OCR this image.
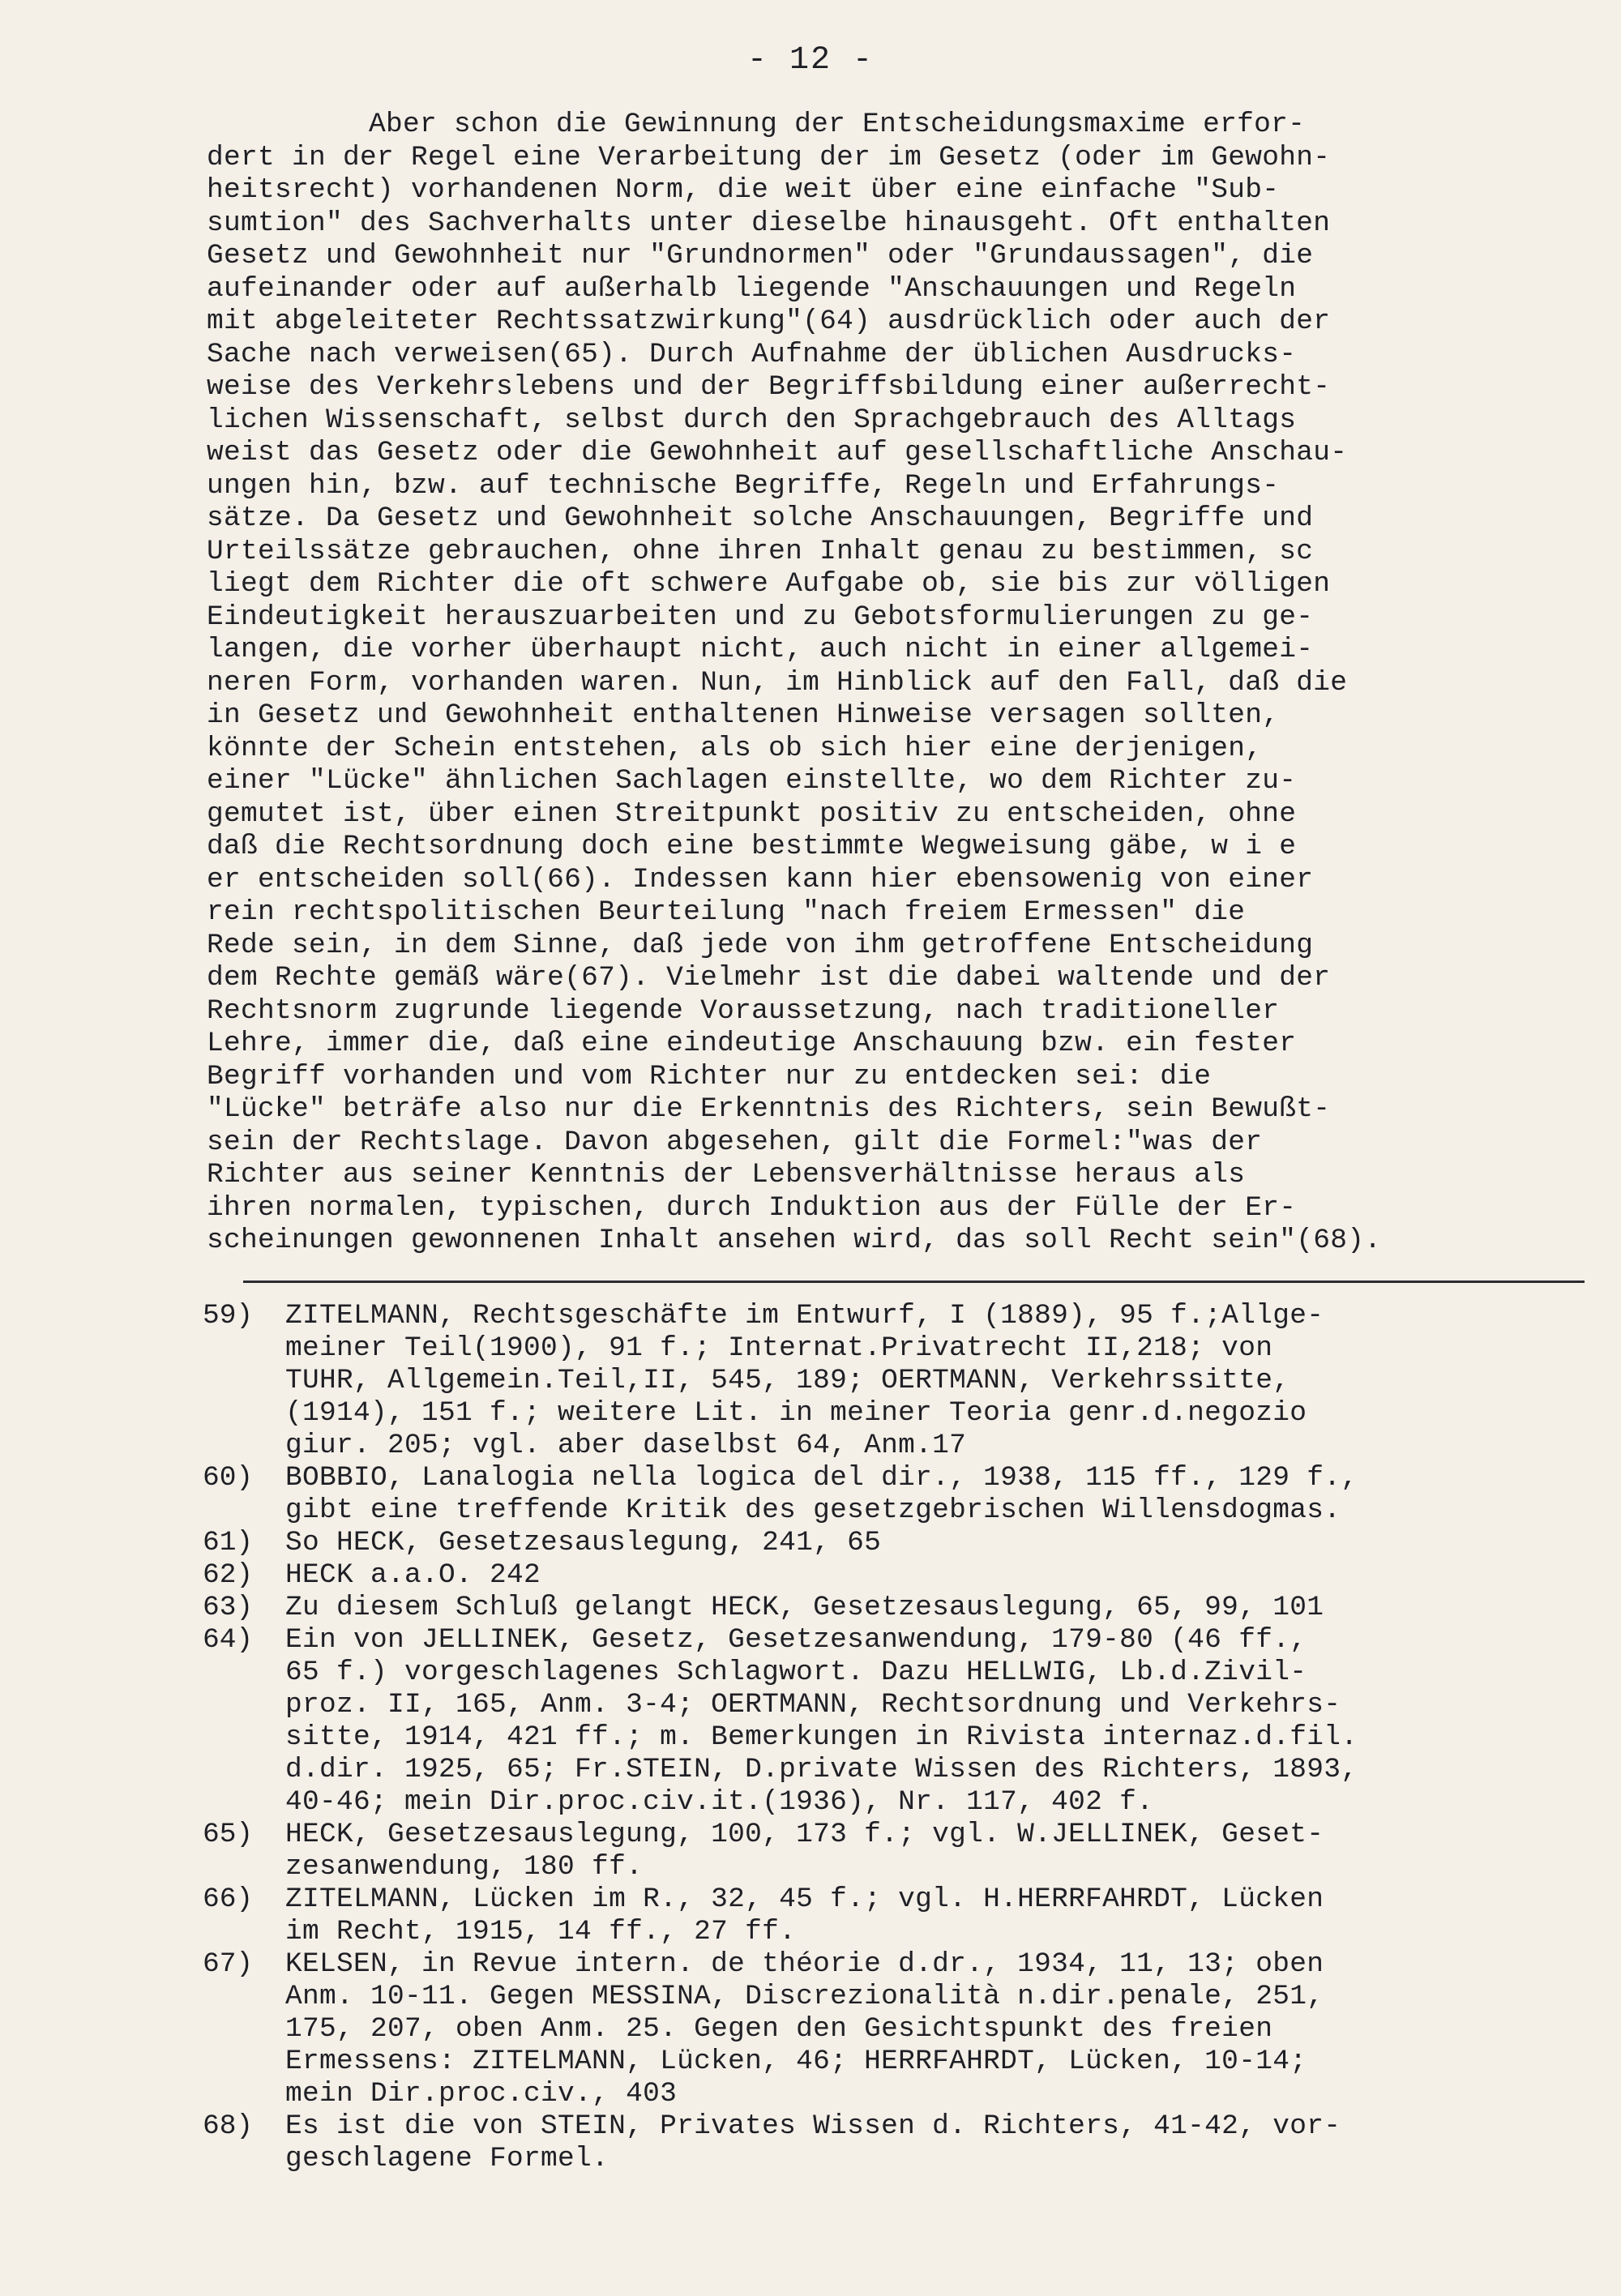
- 12 -
Aber schon die Gewinnung der Entscheidungsmaxime erfor-
dert in der Regel eine Verarbeitung der im Gesetz (oder im Gewohn-
heitsrecht) vorhandenen Norm, die weit über eine einfache "Sub-
sumtion" des Sachverhalts unter dieselbe hinausgeht. Oft enthalten
Gesetz und Gewohnheit nur "Grundnormen" oder "Grundaussagen", die
aufeinander oder auf außerhalb liegende "Anschauungen und Regeln
mit abgeleiteter Rechtssatzwirkung"(64) ausdrücklich oder auch der
Sache nach verweisen(65). Durch Aufnahme der üblichen Ausdrucks-
weise des Verkehrslebens und der Begriffsbildung einer außerrecht-
lichen Wissenschaft, selbst durch den Sprachgebrauch des Alltags
weist das Gesetz oder die Gewohnheit auf gesellschaftliche Anschau-
ungen hin, bzw. auf technische Begriffe, Regeln und Erfahrungs-
sätze. Da Gesetz und Gewohnheit solche Anschauungen, Begriffe und
Urteilssätze gebrauchen, ohne ihren Inhalt genau zu bestimmen, sc
liegt dem Richter die oft schwere Aufgabe ob, sie bis zur völligen
Eindeutigkeit herauszuarbeiten und zu Gebotsformulierungen zu ge-
langen, die vorher überhaupt nicht, auch nicht in einer allgemei-
neren Form, vorhanden waren. Nun, im Hinblick auf den Fall, daß die
in Gesetz und Gewohnheit enthaltenen Hinweise versagen sollten,
könnte der Schein entstehen, als ob sich hier eine derjenigen,
einer "Lücke" ähnlichen Sachlagen einstellte, wo dem Richter zu-
gemutet ist, über einen Streitpunkt positiv zu entscheiden, ohne
daß die Rechtsordnung doch eine bestimmte Wegweisung gäbe, w i e
er entscheiden soll(66). Indessen kann hier ebensowenig von einer
rein rechtspolitischen Beurteilung "nach freiem Ermessen" die
Rede sein, in dem Sinne, daß jede von ihm getroffene Entscheidung
dem Rechte gemäß wäre(67). Vielmehr ist die dabei waltende und der
Rechtsnorm zugrunde liegende Voraussetzung, nach traditioneller
Lehre, immer die, daß eine eindeutige Anschauung bzw. ein fester
Begriff vorhanden und vom Richter nur zu entdecken sei: die
"Lücke" beträfe also nur die Erkenntnis des Richters, sein Bewußt-
sein der Rechtslage. Davon abgesehen, gilt die Formel:"was der
Richter aus seiner Kenntnis der Lebensverhältnisse heraus als
ihren normalen, typischen, durch Induktion aus der Fülle der Er-
scheinungen gewonnenen Inhalt ansehen wird, das soll Recht sein"(68).
59)	ZITELMANN, Rechtsgeschäfte im Entwurf, I (1889), 95 f.;Allge-
meiner Teil(1900), 91 f.; Internat.Privatrecht II,218; von
TUHR, Allgemein.Teil,II, 545, 189; OERTMANN, Verkehrssitte,
(1914), 151 f.; weitere Lit. in meiner Teoria genr.d.negozio
giur. 205; vgl. aber daselbst 64, Anm.17
60)	BOBBIO, Lanalogia nella logica del dir., 1938, 115 ff., 129 f.,
gibt eine treffende Kritik des gesetzgebrischen Willensdogmas.
61)	So HECK, Gesetzesauslegung, 241, 65
62)	HECK a.a.O. 242
63)	Zu diesem Schluß gelangt HECK, Gesetzesauslegung, 65, 99, 101
64)	Ein von JELLINEK, Gesetz, Gesetzesanwendung, 179-80 (46 ff.,
65 f.) vorgeschlagenes Schlagwort. Dazu HELLWIG, Lb.d.Zivil-
proz. II, 165, Anm. 3-4; OERTMANN, Rechtsordnung und Verkehrs-
sitte, 1914, 421 ff.; m. Bemerkungen in Rivista internaz.d.fil.
d.dir. 1925, 65; Fr.STEIN, D.private Wissen des Richters, 1893,
40-46; mein Dir.proc.civ.it.(1936), Nr. 117, 402 f.
65)	HECK, Gesetzesauslegung, 100, 173 f.; vgl. W.JELLINEK, Geset-
zesanwendung, 180 ff.
66)	ZITELMANN, Lücken im R., 32, 45 f.; vgl. H.HERRFAHRDT, Lücken
im Recht, 1915, 14 ff., 27 ff.
67)	KELSEN, in Revue intern. de théorie d.dr., 1934, 11, 13; oben
Anm. 10-11. Gegen MESSINA, Discrezionalità n.dir.penale, 251,
175, 207, oben Anm. 25. Gegen den Gesichtspunkt des freien
Ermessens: ZITELMANN, Lücken, 46; HERRFAHRDT, Lücken, 10-14;
mein Dir.proc.civ., 403
68)	Es ist die von STEIN, Privates Wissen d. Richters, 41-42, vor-
geschlagene Formel.
